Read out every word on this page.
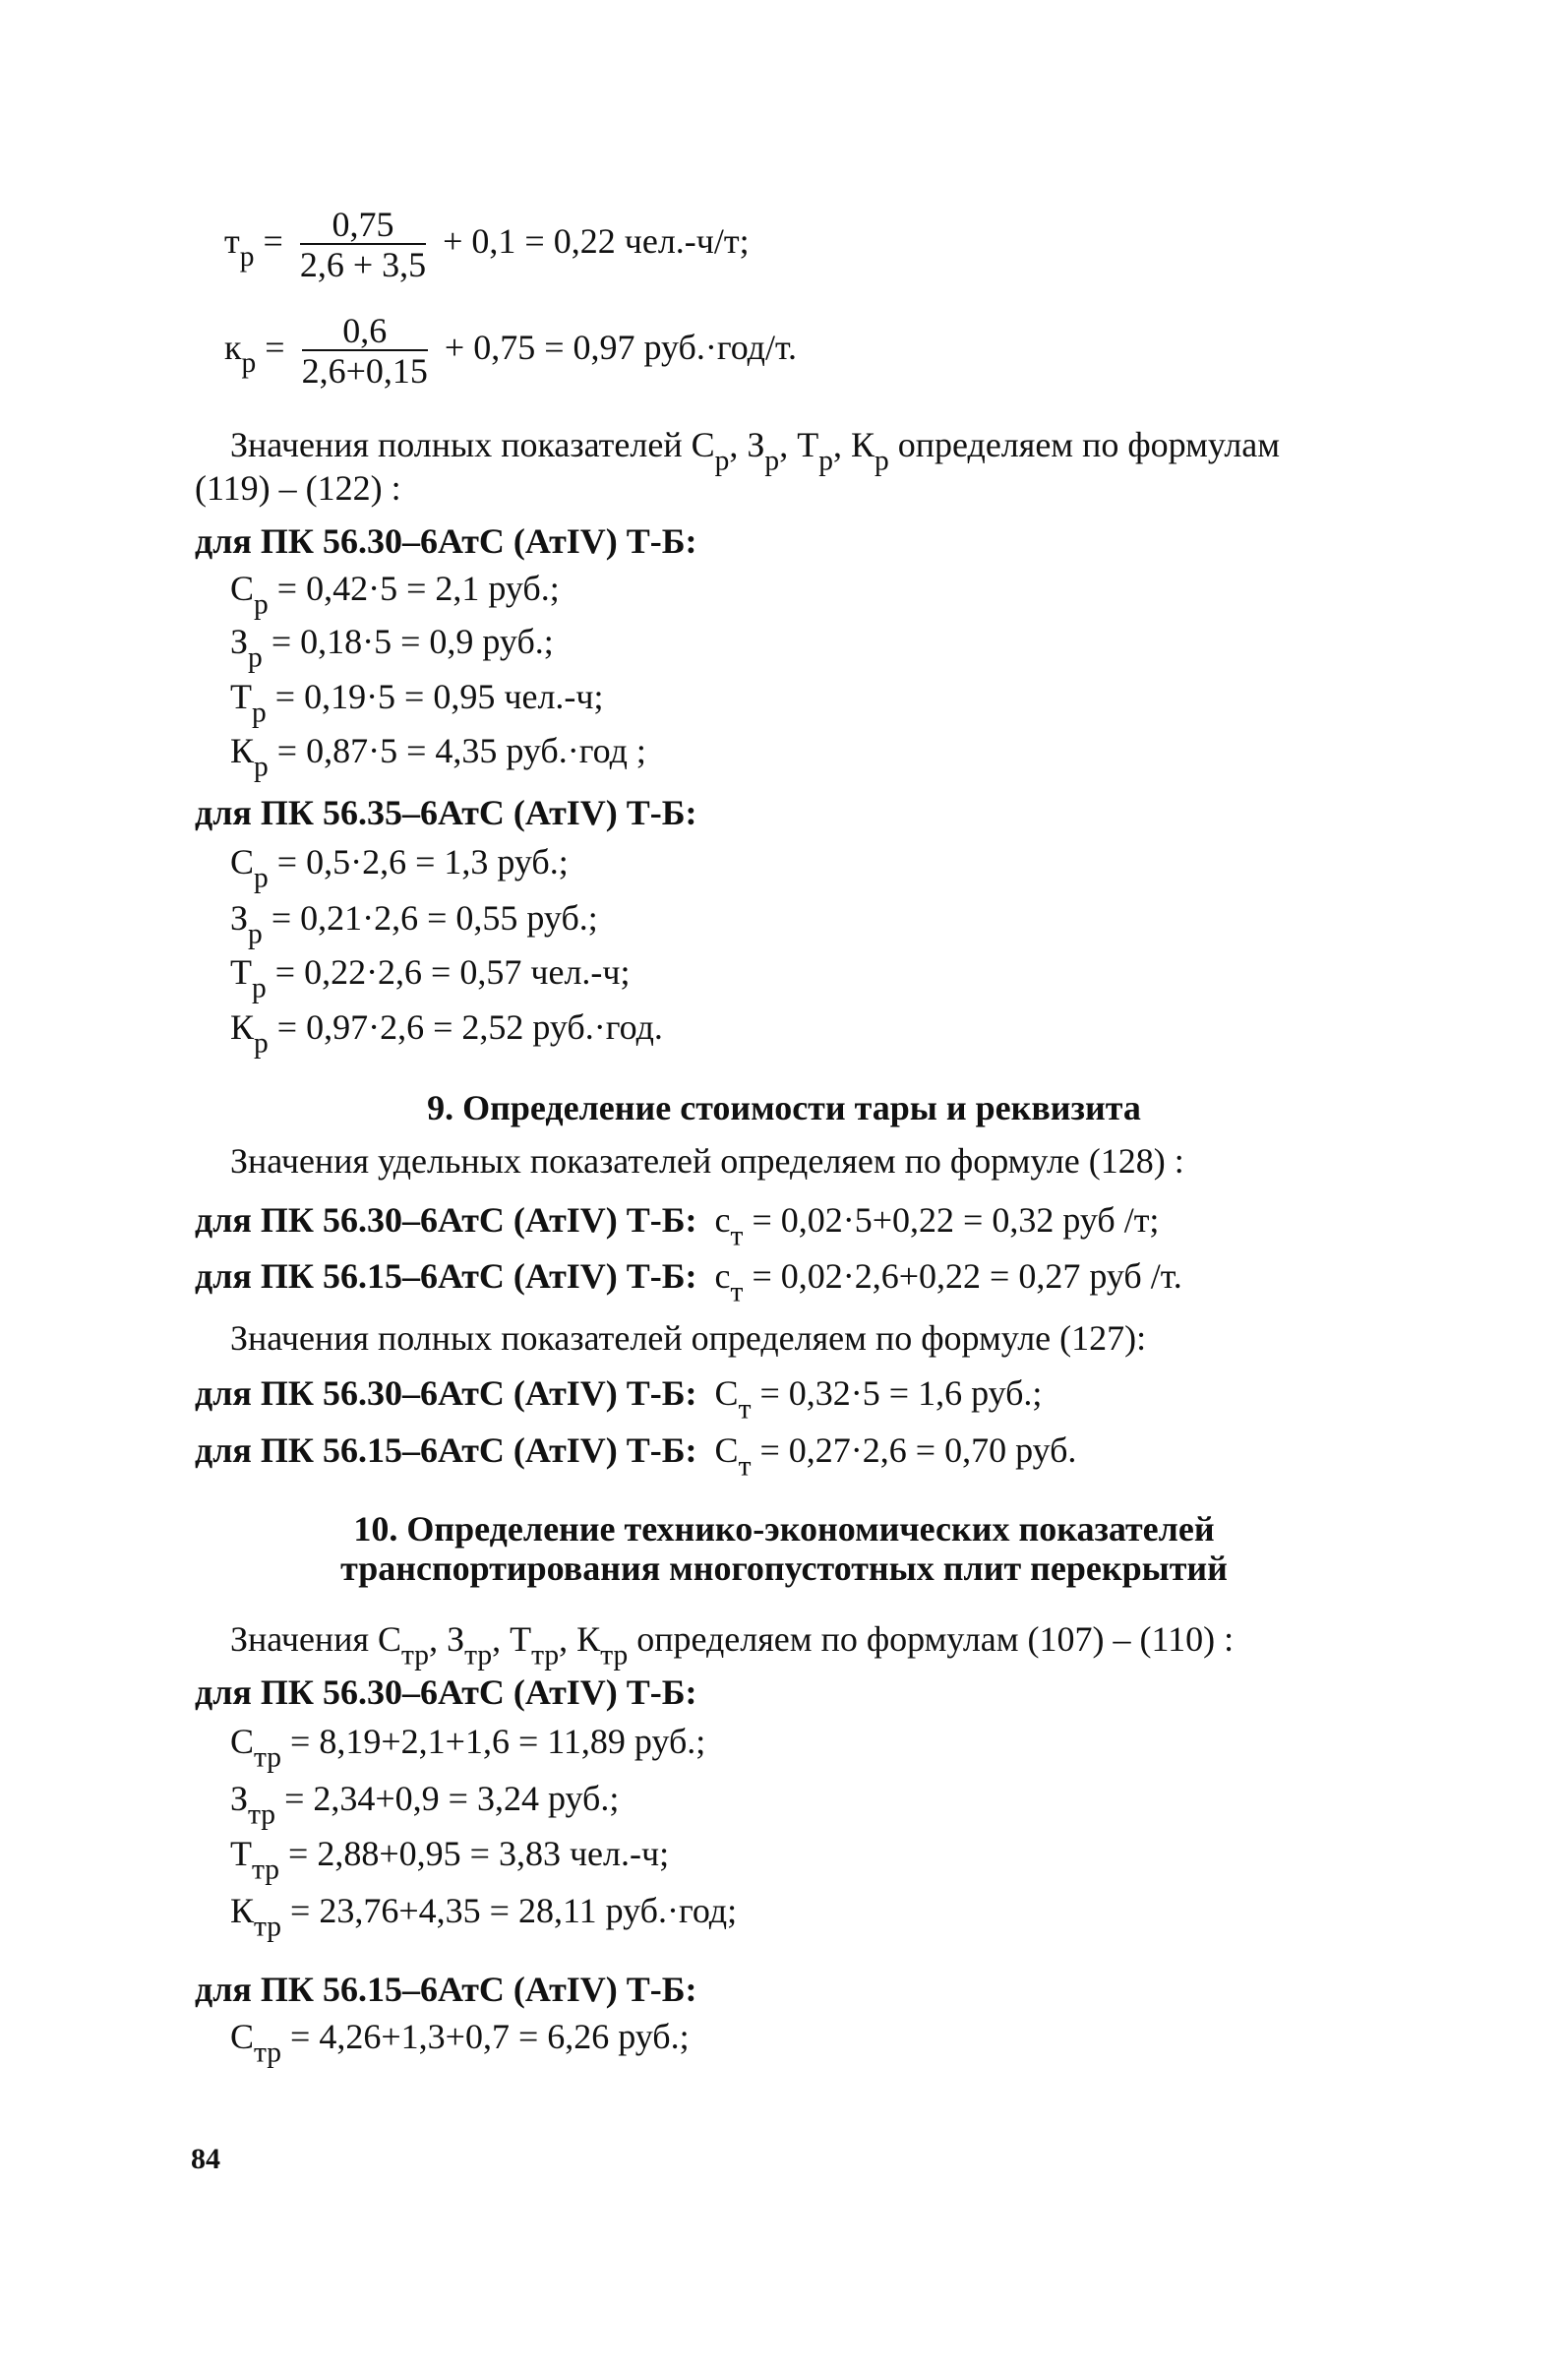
$т_р = \frac{0,75}{2,6 + 3,5} + 0,1 = 0,22$ чел.-ч/т;
$к_р = \frac{0,6}{2,6+0,15} + 0,75 = 0,97$ руб.·год/т.
Значения полных показателей $С_р$, $З_р$, $Т_р$, $К_р$ определяем по формулам
(119) – (122) :
для ПК 56.30–6АтС (АтIV) Т-Б:
$С_р = 0,42\cdot 5 = 2,1$ руб.;
$З_р = 0,18\cdot 5 = 0,9$ руб.;
$Т_р = 0,19\cdot 5 = 0,95$ чел.-ч;
$К_р = 0,87\cdot 5 = 4,35$ руб.·год ;
для ПК 56.35–6АтС (АтIV) Т-Б:
$С_р = 0,5\cdot 2,6 = 1,3$ руб.;
$З_р = 0,21\cdot 2,6 = 0,55$ руб.;
$Т_р = 0,22\cdot 2,6 = 0,57$ чел.-ч;
$К_р = 0,97\cdot 2,6 = 2,52$ руб.·год.
9. Определение стоимости тары и реквизита
Значения удельных показателей определяем по формуле (128) :
для ПК 56.30–6АтС (АтIV) Т-Б: $с_т = 0,02\cdot 5+0,22 = 0,32$ руб /т;
для ПК 56.15–6АтС (АтIV) Т-Б: $с_т = 0,02\cdot 2,6+0,22 = 0,27$ руб /т.
Значения полных показателей определяем по формуле (127):
для ПК 56.30–6АтС (АтIV) Т-Б: $С_т = 0,32\cdot 5 = 1,6$ руб.;
для ПК 56.15–6АтС (АтIV) Т-Б: $С_т = 0,27\cdot 2,6 = 0,70$ руб.
10. Определение технико-экономических показателей
транспортирования многопустотных плит перекрытий
Значения $С_{тр}$, $З_{тр}$, $Т_{тр}$, $К_{тр}$ определяем по формулам (107) – (110) :
для ПК 56.30–6АтС (АтIV) Т-Б:
$С_{тр} = 8,19+2,1+1,6 = 11,89$ руб.;
$З_{тр} = 2,34+0,9 = 3,24$ руб.;
$Т_{тр} = 2,88+0,95 = 3,83$ чел.-ч;
$К_{тр} = 23,76+4,35 = 28,11$ руб.·год;
для ПК 56.15–6АтС (АтIV) Т-Б:
$С_{тр} = 4,26+1,3+0,7 = 6,26$ руб.;
84
